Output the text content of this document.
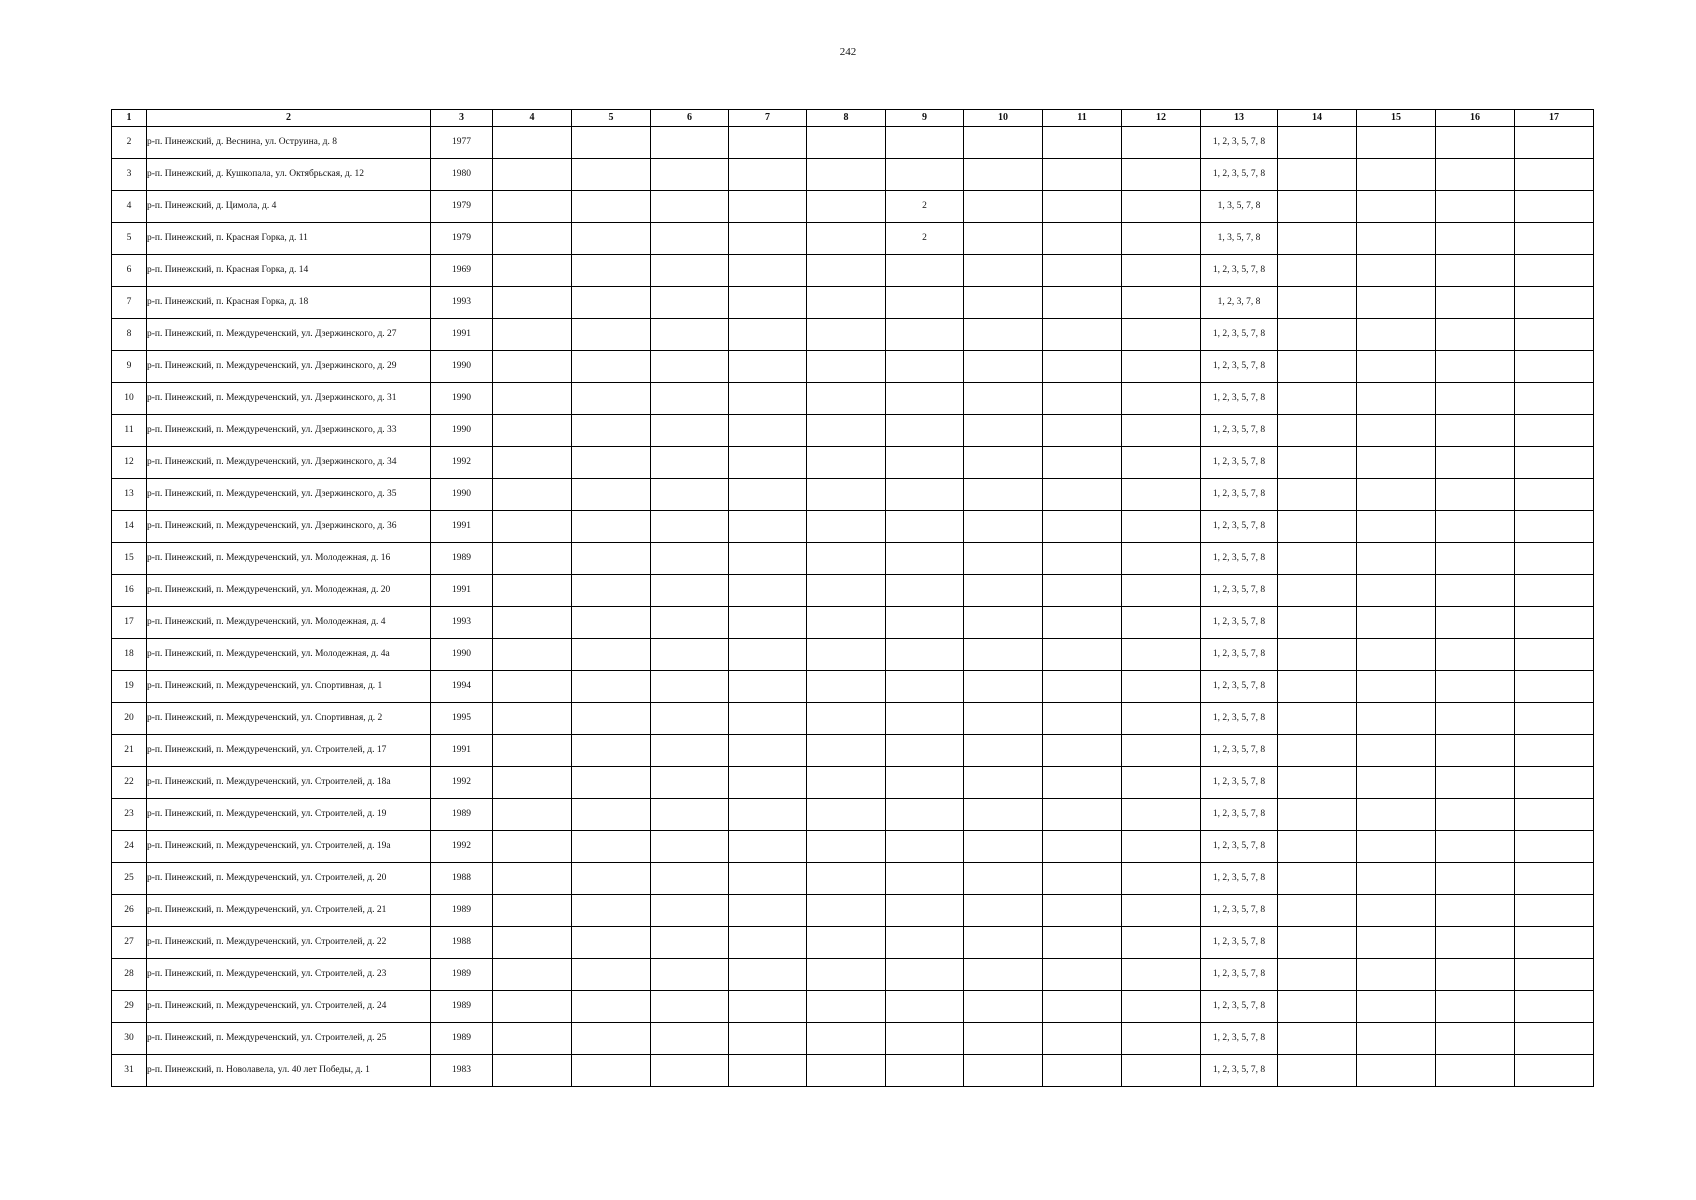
242
1	2	3	4	5	6	7	8	9	10	11	12	13	14	15	16	17
2	р-п. Пинежский, д. Веснина, ул. Оструина, д. 8	1977										1, 2, 3, 5, 7, 8				
3	р-п. Пинежский, д. Кушкопала, ул. Октябрьская, д. 12	1980										1, 2, 3, 5, 7, 8				
4	р-п. Пинежский, д. Цимола, д. 4	1979						2				1, 3, 5, 7, 8				
5	р-п. Пинежский, п. Красная Горка, д. 11	1979						2				1, 3, 5, 7, 8				
6	р-п. Пинежский, п. Красная Горка, д. 14	1969										1, 2, 3, 5, 7, 8				
7	р-п. Пинежский, п. Красная Горка, д. 18	1993										1, 2, 3, 7, 8				
8	р-п. Пинежский, п. Междуреченский, ул. Дзержинского, д. 27	1991										1, 2, 3, 5, 7, 8				
9	р-п. Пинежский, п. Междуреченский, ул. Дзержинского, д. 29	1990										1, 2, 3, 5, 7, 8				
10	р-п. Пинежский, п. Междуреченский, ул. Дзержинского, д. 31	1990										1, 2, 3, 5, 7, 8				
11	р-п. Пинежский, п. Междуреченский, ул. Дзержинского, д. 33	1990										1, 2, 3, 5, 7, 8				
12	р-п. Пинежский, п. Междуреченский, ул. Дзержинского, д. 34	1992										1, 2, 3, 5, 7, 8				
13	р-п. Пинежский, п. Междуреченский, ул. Дзержинского, д. 35	1990										1, 2, 3, 5, 7, 8				
14	р-п. Пинежский, п. Междуреченский, ул. Дзержинского, д. 36	1991										1, 2, 3, 5, 7, 8				
15	р-п. Пинежский, п. Междуреченский, ул. Молодежная, д. 16	1989										1, 2, 3, 5, 7, 8				
16	р-п. Пинежский, п. Междуреченский, ул. Молодежная, д. 20	1991										1, 2, 3, 5, 7, 8				
17	р-п. Пинежский, п. Междуреченский, ул. Молодежная, д. 4	1993										1, 2, 3, 5, 7, 8				
18	р-п. Пинежский, п. Междуреченский, ул. Молодежная, д. 4а	1990										1, 2, 3, 5, 7, 8				
19	р-п. Пинежский, п. Междуреченский, ул. Спортивная, д. 1	1994										1, 2, 3, 5, 7, 8				
20	р-п. Пинежский, п. Междуреченский, ул. Спортивная, д. 2	1995										1, 2, 3, 5, 7, 8				
21	р-п. Пинежский, п. Междуреченский, ул. Строителей, д. 17	1991										1, 2, 3, 5, 7, 8				
22	р-п. Пинежский, п. Междуреченский, ул. Строителей, д. 18а	1992										1, 2, 3, 5, 7, 8				
23	р-п. Пинежский, п. Междуреченский, ул. Строителей, д. 19	1989										1, 2, 3, 5, 7, 8				
24	р-п. Пинежский, п. Междуреченский, ул. Строителей, д. 19а	1992										1, 2, 3, 5, 7, 8				
25	р-п. Пинежский, п. Междуреченский, ул. Строителей, д. 20	1988										1, 2, 3, 5, 7, 8				
26	р-п. Пинежский, п. Междуреченский, ул. Строителей, д. 21	1989										1, 2, 3, 5, 7, 8				
27	р-п. Пинежский, п. Междуреченский, ул. Строителей, д. 22	1988										1, 2, 3, 5, 7, 8				
28	р-п. Пинежский, п. Междуреченский, ул. Строителей, д. 23	1989										1, 2, 3, 5, 7, 8				
29	р-п. Пинежский, п. Междуреченский, ул. Строителей, д. 24	1989										1, 2, 3, 5, 7, 8				
30	р-п. Пинежский, п. Междуреченский, ул. Строителей, д. 25	1989										1, 2, 3, 5, 7, 8				
31	р-п. Пинежский, п. Новолавела, ул. 40 лет Победы, д. 1	1983										1, 2, 3, 5, 7, 8				
